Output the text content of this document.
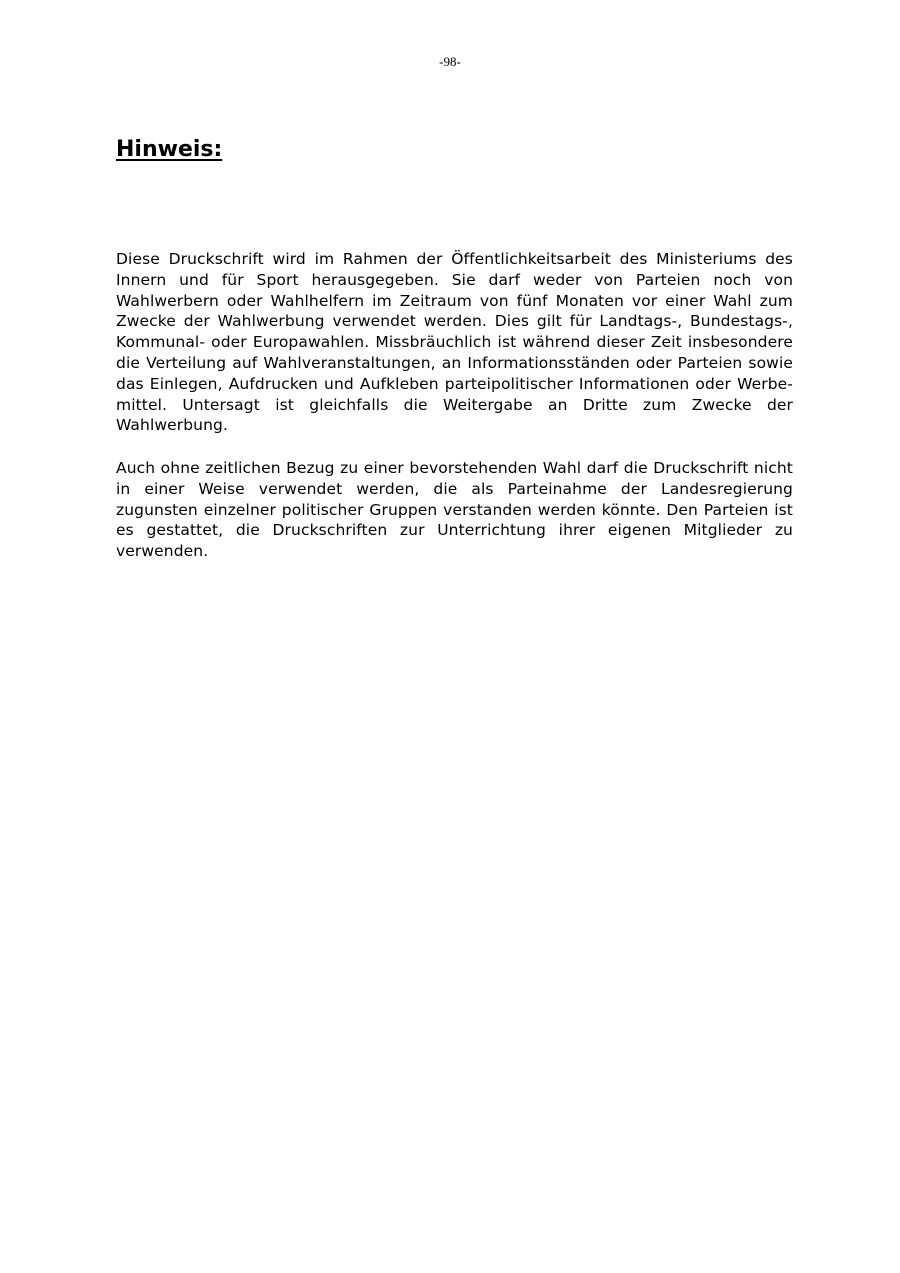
-98-
Hinweis:

Diese Druckschrift wird im Rahmen der Öffentlichkeitsarbeit des Ministeriums des Innern und für Sport herausgegeben. Sie darf weder von Parteien noch von Wahlwerbern oder Wahlhelfern im Zeitraum von fünf Monaten vor einer Wahl zum Zwecke der Wahlwerbung verwendet werden. Dies gilt für Landtags-, Bundestags-, Kommunal- oder Europawahlen. Missbräuchlich ist während dieser Zeit insbesondere die Verteilung auf Wahlveranstaltungen, an Informationsständen oder Parteien sowie das Einlegen, Aufdrucken und Aufkleben parteipolitischer Informationen oder Werbe-mittel. Untersagt ist gleichfalls die Weitergabe an Dritte zum Zwecke der Wahlwerbung.

Auch ohne zeitlichen Bezug zu einer bevorstehenden Wahl darf die Druckschrift nicht in einer Weise verwendet werden, die als Parteinahme der Landesregierung zugunsten einzelner politischer Gruppen verstanden werden könnte. Den Parteien ist es gestattet, die Druckschriften zur Unterrichtung ihrer eigenen Mitglieder zu verwenden.
